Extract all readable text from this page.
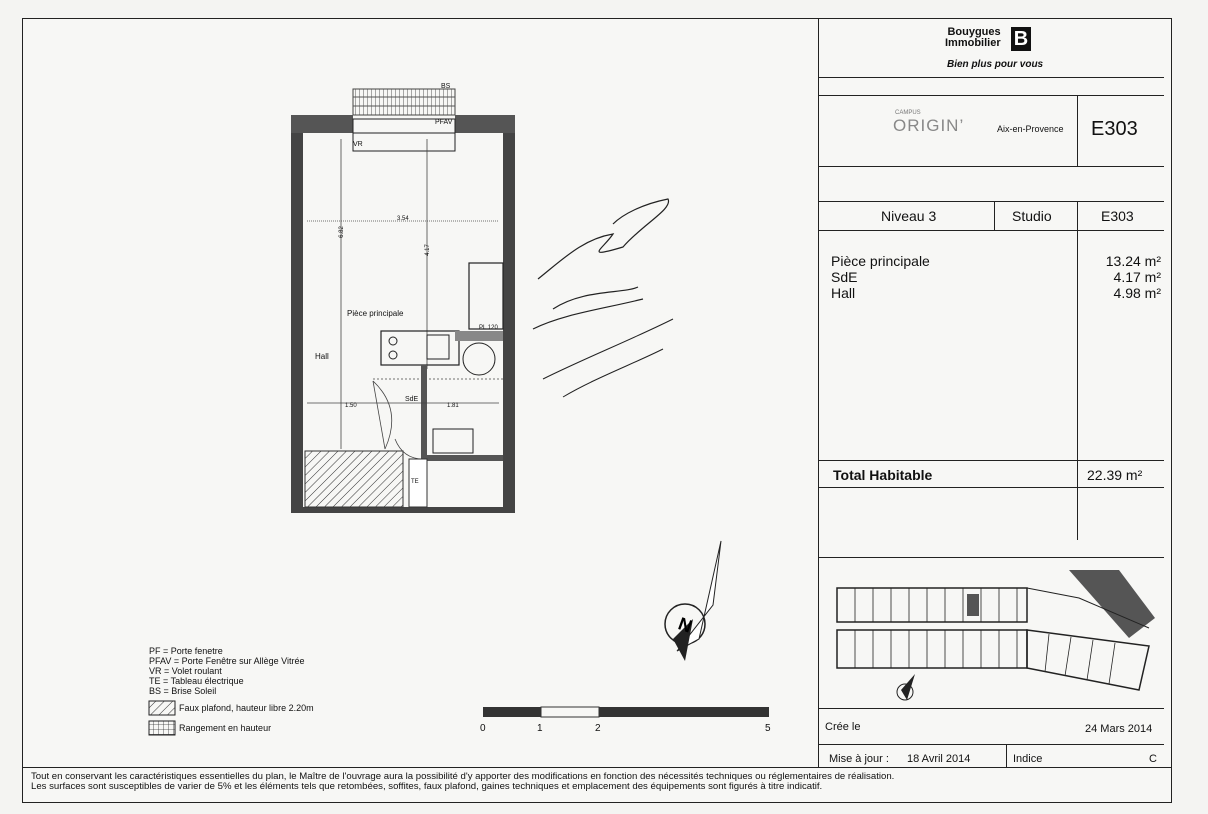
N
BS
PFAV
VR
3.54
6.82
4.17
Pièce principale
Hall
PL 120
SdE
1.50	1.81
TE
PF = Porte fenetre
PFAV = Porte Fenêtre sur Allège Vitrée
VR = Volet roulant
TE = Tableau électrique
BS = Brise Soleil
Faux plafond, hauteur libre 2.20m
Rangement en hauteur	0	1	2	5
Bouygues
Immobilier B
Bien plus pour vous
CAMPUS
ORIGIN’	Aix-en-Provence E303
Niveau 3	Studio	E303
Pièce principale	13.24 m²
SdE	4.17 m²
Hall	4.98 m²
Total Habitable	22.39 m²
Crée le	24 Mars 2014
Mise à jour : 18 Avril 2014	Indice	C
Tout en conservant les caractéristiques essentielles du plan, le Maître de l'ouvrage aura la possibilité d'y apporter des modifications en fonction des nécessités techniques ou réglementaires de réalisation.
Les surfaces sont susceptibles de varier de 5% et les éléments tels que retombées, soffites, faux plafond, gaines techniques et emplacement des équipements sont figurés à titre indicatif.
